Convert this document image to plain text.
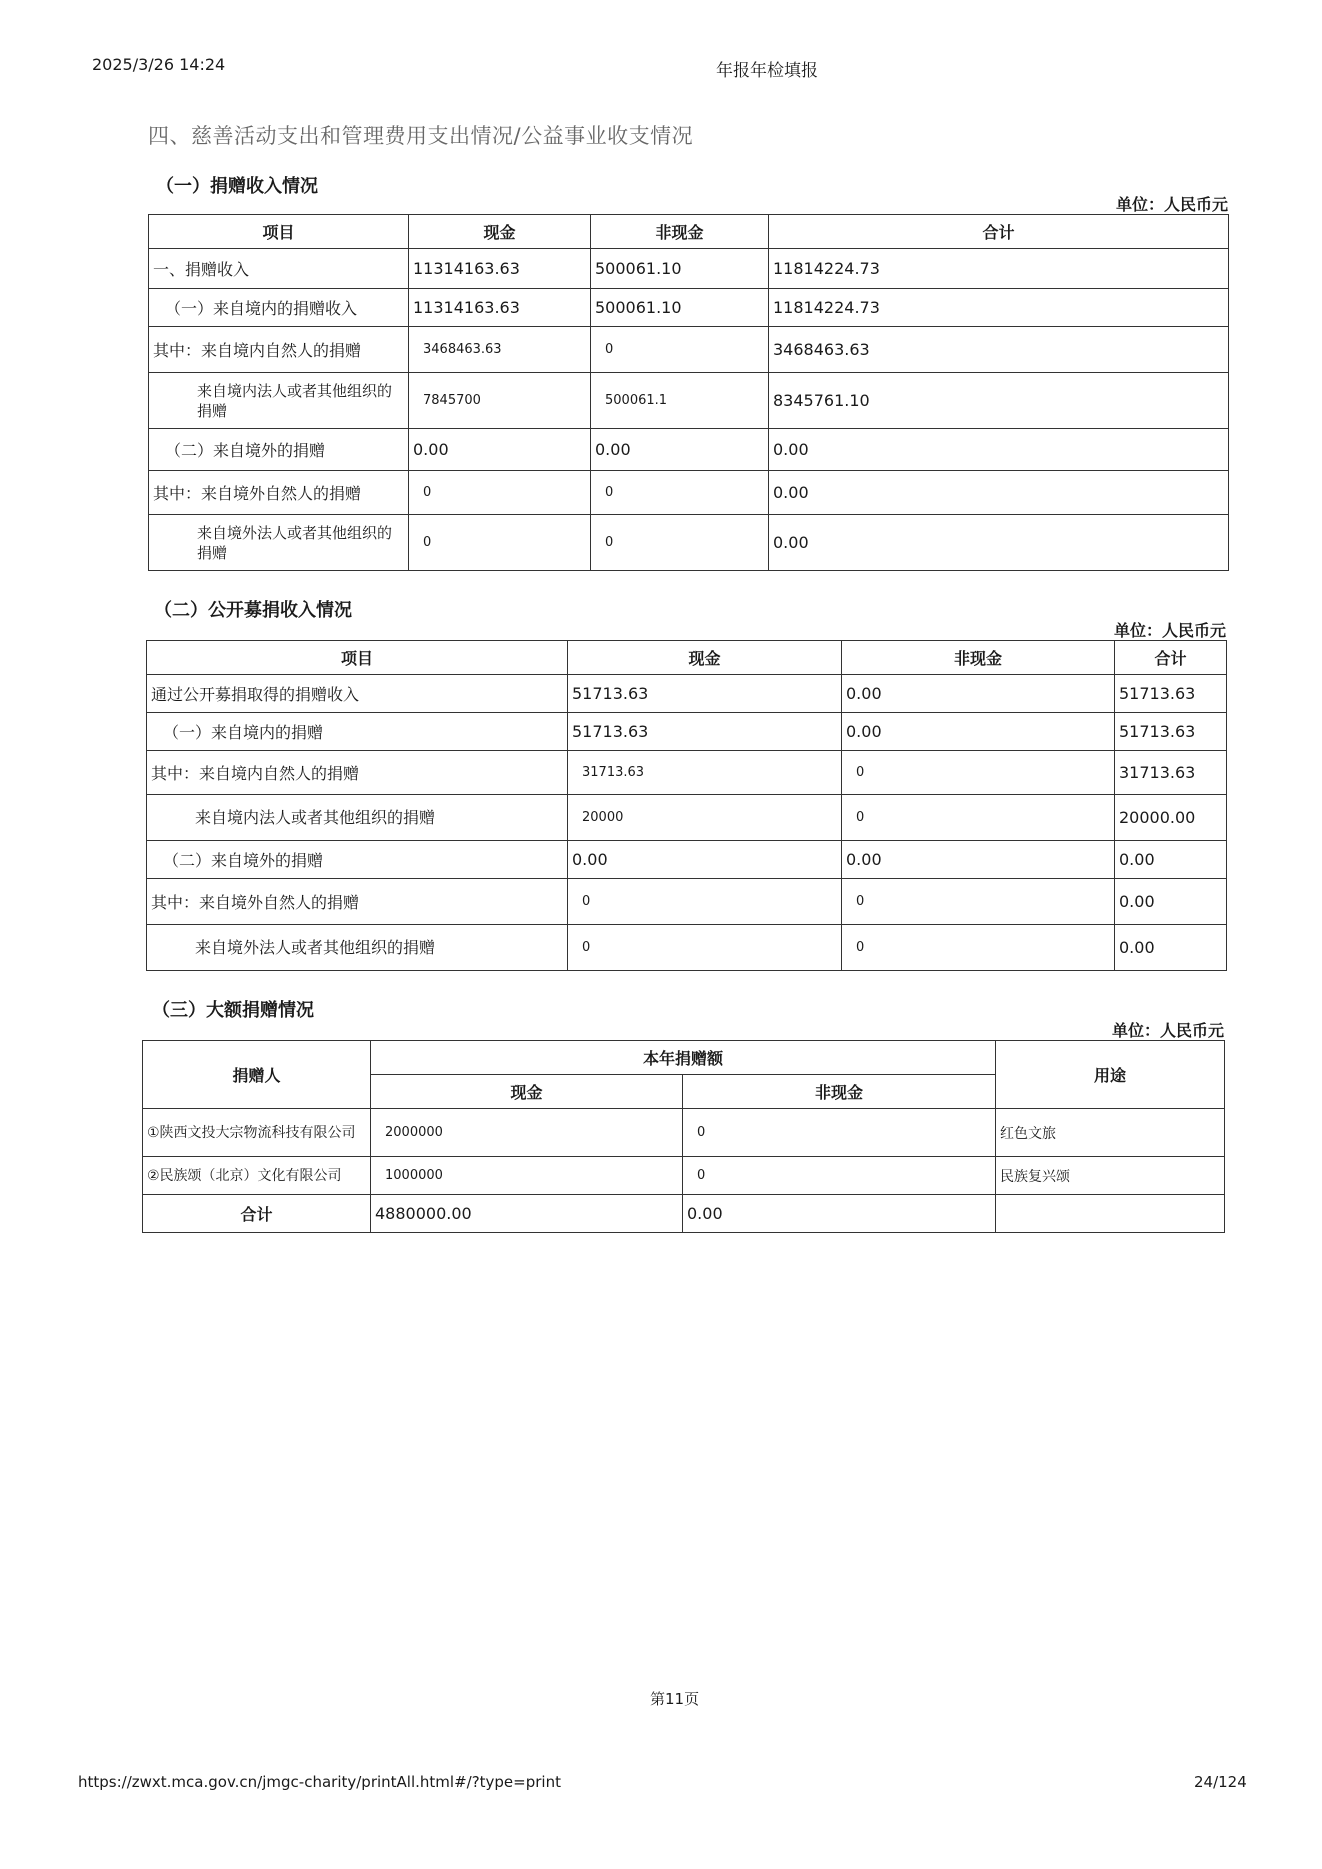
2025/3/26 14:24	年报年检填报
四、慈善活动支出和管理费用支出情况/公益事业收支情况
（一）捐赠收入情况
单位：人民币元
项目	现金	非现金	合计
一、捐赠收入	11314163.63	500061.10	11814224.73
（一）来自境内的捐赠收入	11314163.63	500061.10	11814224.73
其中：来自境内自然人的捐赠	3468463.63	0	3468463.63
来自境内法人或者其他组织的捐赠	7845700	500061.1	8345761.10
（二）来自境外的捐赠	0.00	0.00	0.00
其中：来自境外自然人的捐赠	0	0	0.00
来自境外法人或者其他组织的捐赠	0	0	0.00
（二）公开募捐收入情况
单位：人民币元
项目	现金	非现金	合计
通过公开募捐取得的捐赠收入	51713.63	0.00	51713.63
（一）来自境内的捐赠	51713.63	0.00	51713.63
其中：来自境内自然人的捐赠	31713.63	0	31713.63
来自境内法人或者其他组织的捐赠	20000	0	20000.00
（二）来自境外的捐赠	0.00	0.00	0.00
其中：来自境外自然人的捐赠	0	0	0.00
来自境外法人或者其他组织的捐赠	0	0	0.00
（三）大额捐赠情况
单位：人民币元
捐赠人	本年捐赠额		用途
	现金	非现金	
①陕西文投大宗物流科技有限公司	2000000	0	红色文旅
②民族颂（北京）文化有限公司	1000000	0	民族复兴颂
合计	4880000.00	0.00	
第11页
https://zwxt.mca.gov.cn/jmgc-charity/printAll.html#/?type=print	24/124
